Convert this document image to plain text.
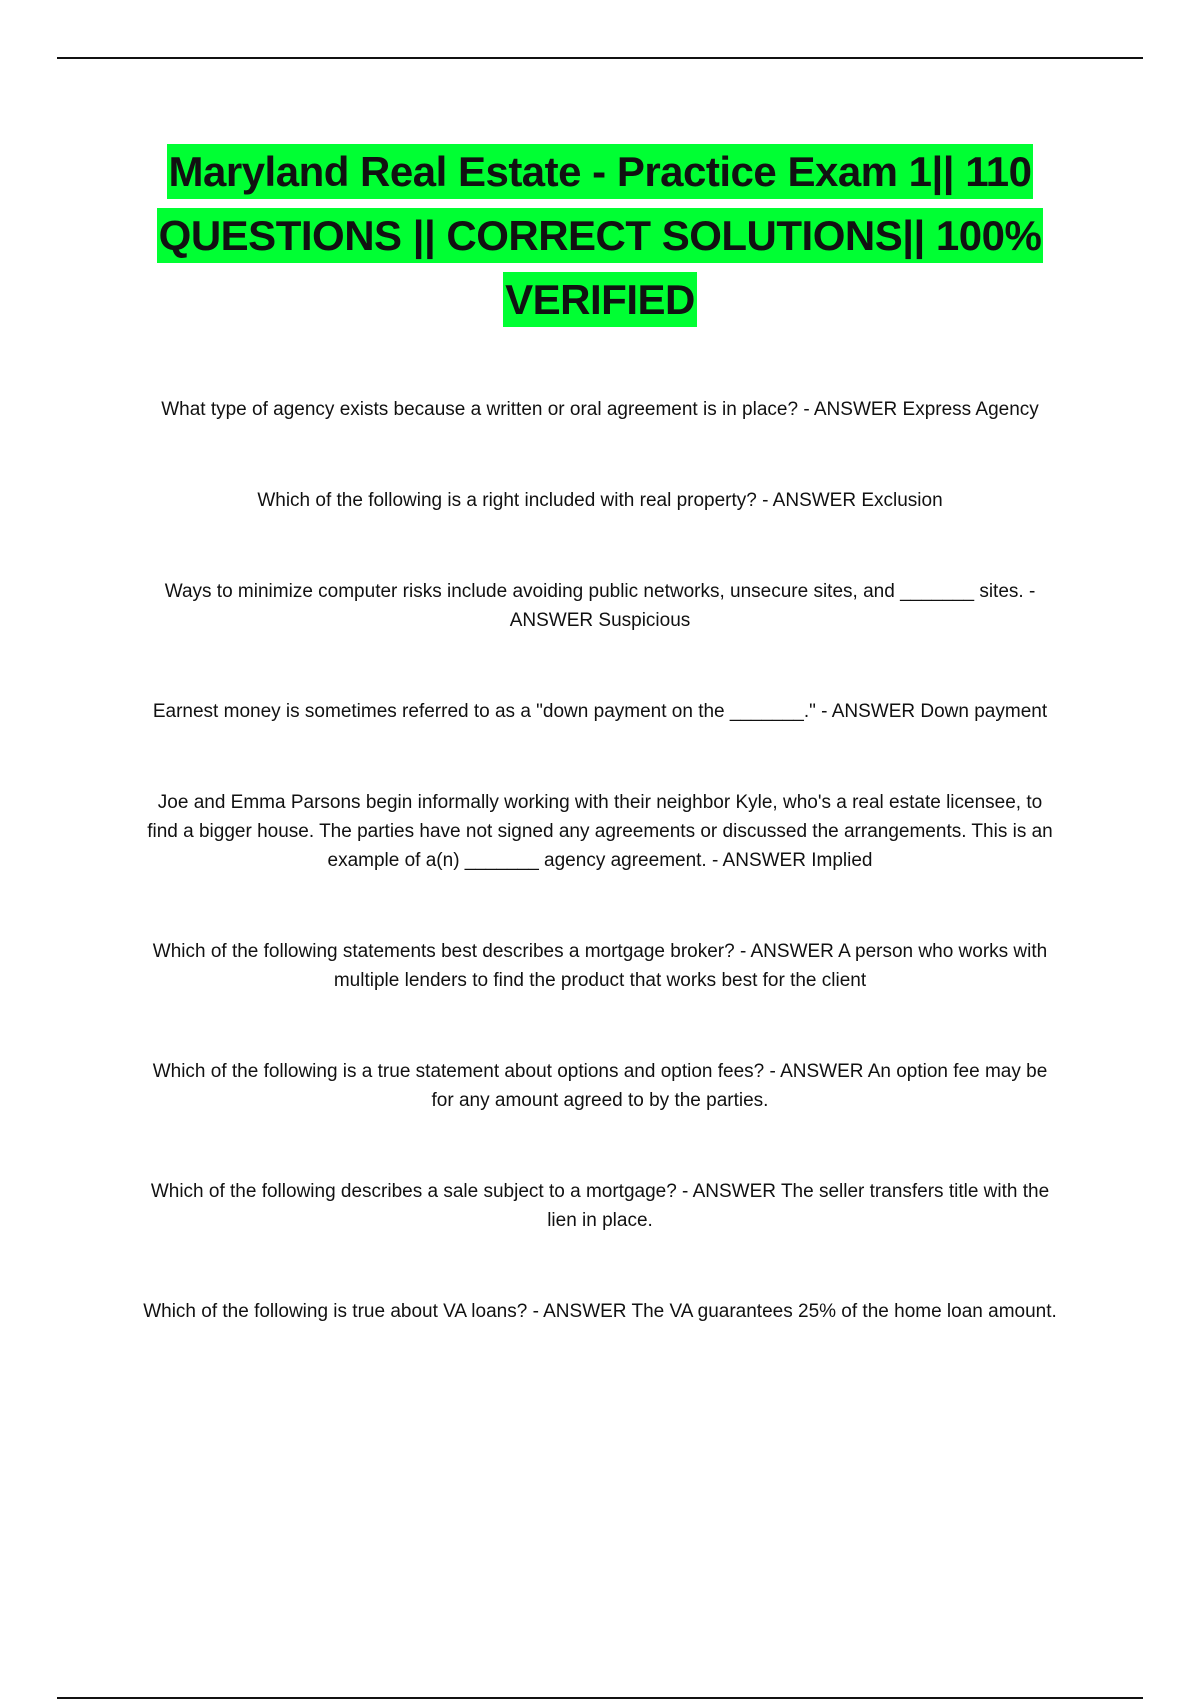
Maryland Real Estate - Practice Exam 1|| 110 QUESTIONS || CORRECT SOLUTIONS|| 100% VERIFIED

What type of agency exists because a written or oral agreement is in place? - ANSWER Express Agency

Which of the following is a right included with real property? - ANSWER Exclusion

Ways to minimize computer risks include avoiding public networks, unsecure sites, and _______ sites. - ANSWER Suspicious

Earnest money is sometimes referred to as a "down payment on the _______." - ANSWER Down payment

Joe and Emma Parsons begin informally working with their neighbor Kyle, who's a real estate licensee, to find a bigger house. The parties have not signed any agreements or discussed the arrangements. This is an example of a(n) _______ agency agreement. - ANSWER Implied

Which of the following statements best describes a mortgage broker? - ANSWER A person who works with multiple lenders to find the product that works best for the client

Which of the following is a true statement about options and option fees? - ANSWER An option fee may be for any amount agreed to by the parties.

Which of the following describes a sale subject to a mortgage? - ANSWER The seller transfers title with the lien in place.

Which of the following is true about VA loans? - ANSWER The VA guarantees 25% of the home loan amount.
